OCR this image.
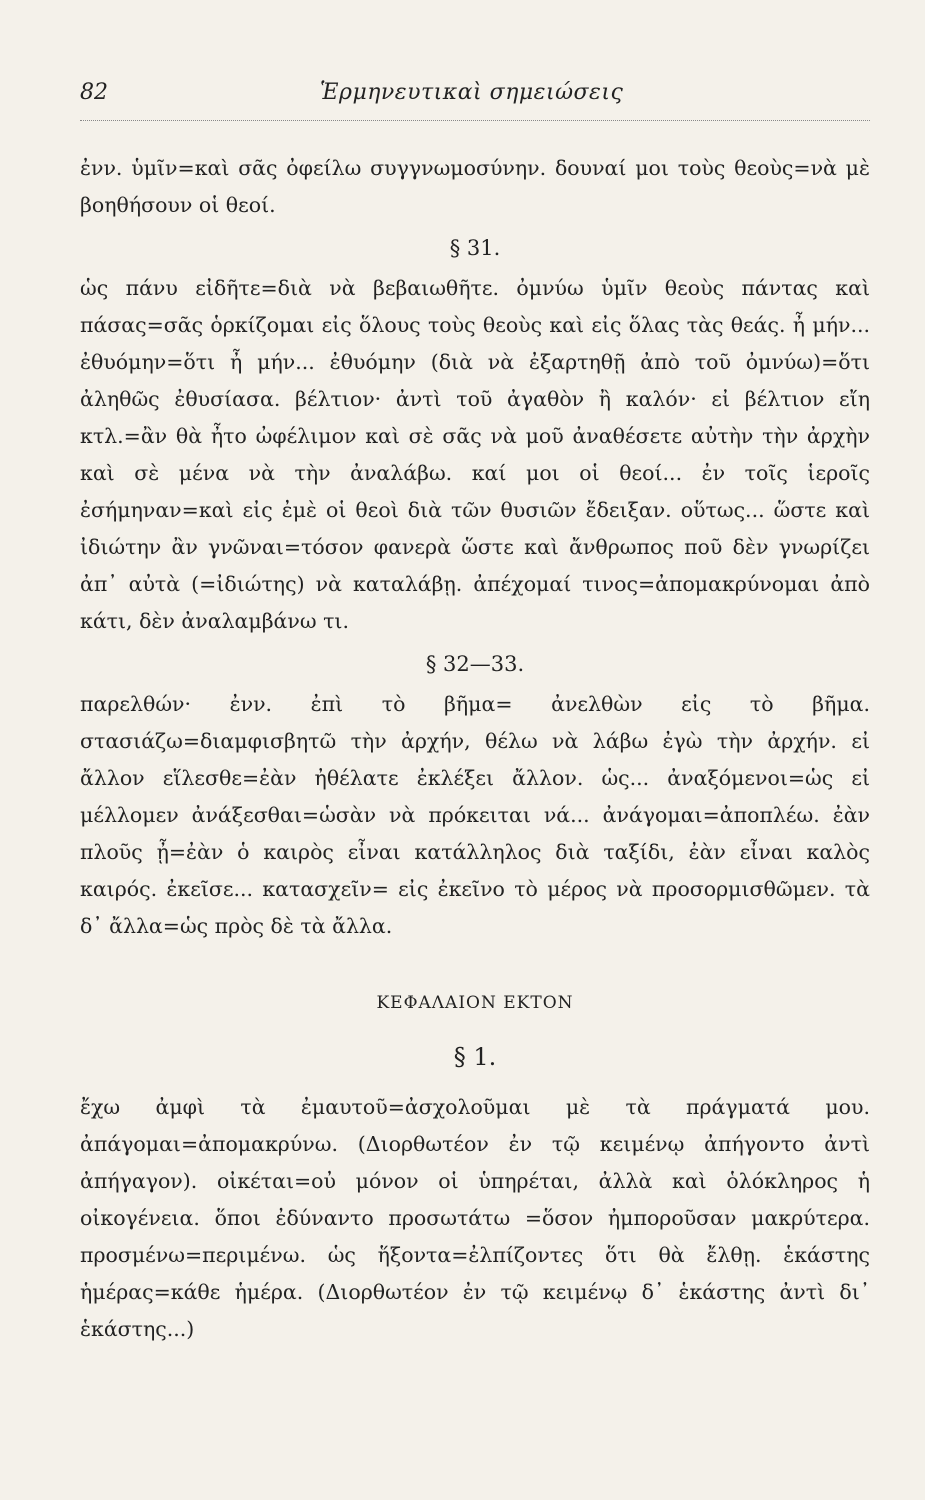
82	Ἑρμηνευτικαὶ σημειώσεις

ἐνν. ὑμῖν=καὶ σᾶς ὀφείλω συγγνωμοσύνην. δουναί μοι τοὺς θεοὺς=νὰ μὲ βοηθήσουν οἱ θεοί.

§ 31.

ὡς πάνυ εἰδῆτε=διὰ νὰ βεβαιωθῆτε. ὀμνύω ὑμῖν θεοὺς πάντας καὶ πάσας=σᾶς ὁρκίζομαι εἰς ὅλους τοὺς θεοὺς καὶ εἰς ὅλας τὰς θεάς. ἦ μήν... ἐθυόμην=ὅτι ἦ μήν... ἐθυόμην (διὰ νὰ ἐξαρτηθῇ ἀπὸ τοῦ ὀμνύω)=ὅτι ἀληθῶς ἐθυσίασα. βέλτιον· ἀντὶ τοῦ ἀγαθὸν ἢ καλόν· εἰ βέλτιον εἴη κτλ.=ἂν θὰ ἦτο ὠφέλιμον καὶ σὲ σᾶς νὰ μοῦ ἀναθέσετε αὐτὴν τὴν ἀρχὴν καὶ σὲ μένα νὰ τὴν ἀναλάβω. καί μοι οἱ θεοί... ἐν τοῖς ἱεροῖς ἐσήμηναν=καὶ εἰς ἐμὲ οἱ θεοὶ διὰ τῶν θυσιῶν ἔδειξαν. οὕτως... ὥστε καὶ ἰδιώτην ἂν γνῶναι=τόσον φανερὰ ὥστε καὶ ἄνθρωπος ποῦ δὲν γνωρίζει ἀπ᾽ αὐτὰ (=ἰδιώτης) νὰ καταλάβῃ. ἀπέχομαί τινος=ἀπομακρύνομαι ἀπὸ κάτι, δὲν ἀναλαμβάνω τι.

§ 32—33.

παρελθών· ἐνν. ἐπὶ τὸ βῆμα= ἀνελθὼν εἰς τὸ βῆμα. στασιάζω=διαμφισβητῶ τὴν ἀρχήν, θέλω νὰ λάβω ἐγὼ τὴν ἀρχήν. εἰ ἄλλον εἵλεσθε=ἐὰν ἠθέλατε ἐκλέξει ἄλλον. ὡς... ἀναξόμενοι=ὡς εἰ μέλλομεν ἀνάξεσθαι=ὡσὰν νὰ πρόκειται νά... ἀνάγομαι=ἀποπλέω. ἐὰν πλοῦς ᾖ=ἐὰν ὁ καιρὸς εἶναι κατάλληλος διὰ ταξίδι, ἐὰν εἶναι καλὸς καιρός. ἐκεῖσε... κατασχεῖν= εἰς ἐκεῖνο τὸ μέρος νὰ προσορμισθῶμεν. τὰ δ᾽ ἄλλα=ὡς πρὸς δὲ τὰ ἄλλα.

ΚΕΦΑΛΑΙΟΝ ΕΚΤΟΝ
§ 1.

ἔχω ἀμφὶ τὰ ἐμαυτοῦ=ἀσχολοῦμαι μὲ τὰ πράγματά μου. ἀπάγομαι=ἀπομακρύνω. (Διορθωτέον ἐν τῷ κειμένῳ ἀπήγοντο ἀντὶ ἀπήγαγον). οἰκέται=οὐ μόνον οἱ ὑπηρέται, ἀλλὰ καὶ ὁλόκληρος ἡ οἰκογένεια. ὅποι ἐδύναντο προσωτάτω =ὅσον ἠμποροῦσαν μακρύτερα. προσμένω=περιμένω. ὡς ἥξοντα=ἐλπίζοντες ὅτι θὰ ἔλθῃ. ἑκάστης ἡμέρας=κάθε ἡμέρα. (Διορθωτέον ἐν τῷ κειμένῳ δ᾽ ἑκάστης ἀντὶ δι᾽ ἑκάστης...)
